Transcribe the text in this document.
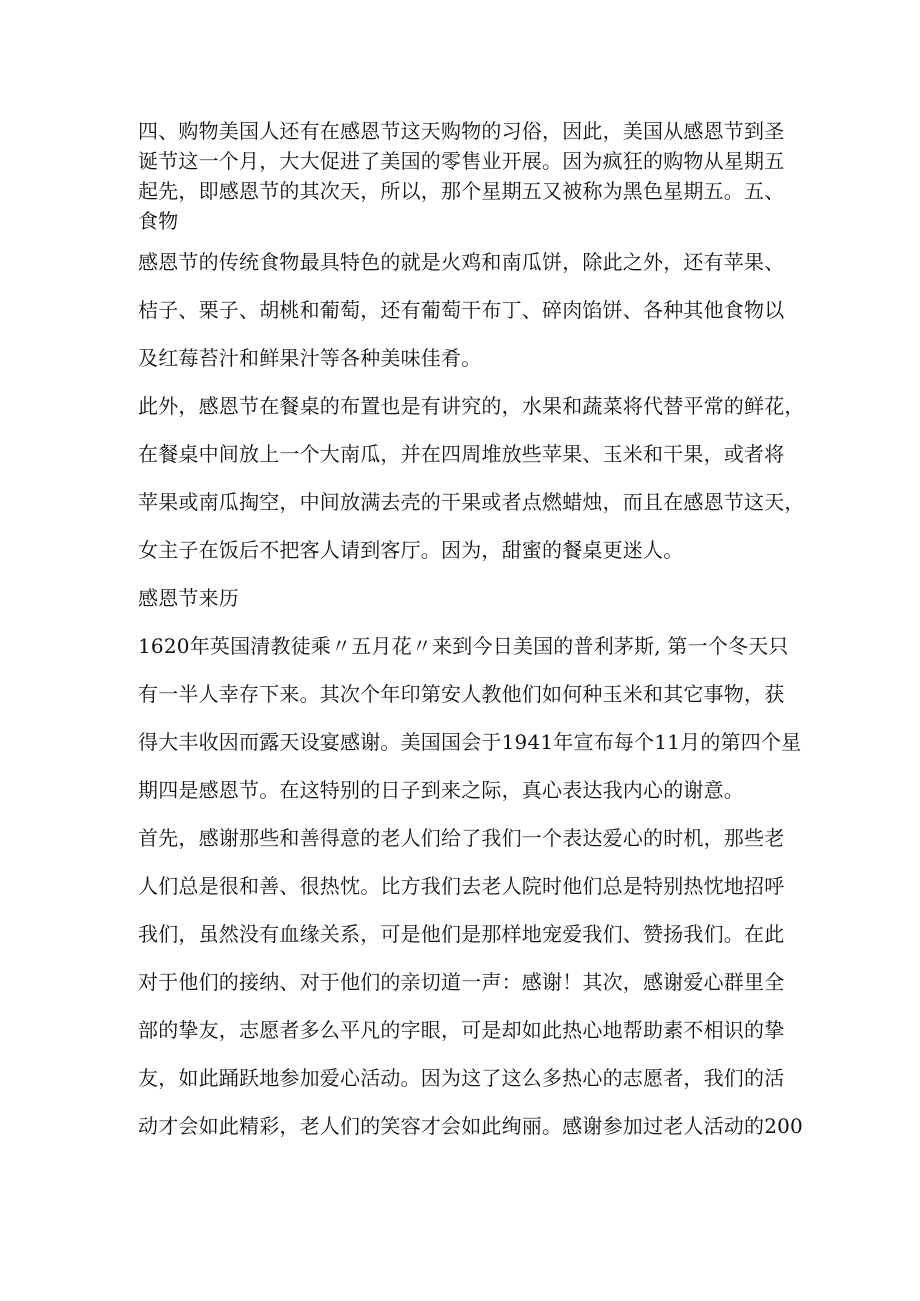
四、购物美国人还有在感恩节这天购物的习俗，因此，美国从感恩节到圣
诞节这一个月，大大促进了美国的零售业开展。因为疯狂的购物从星期五
起先，即感恩节的其次天，所以，那个星期五又被称为黑色星期五。五、
食物
感恩节的传统食物最具特色的就是火鸡和南瓜饼，除此之外，还有苹果、
桔子、栗子、胡桃和葡萄，还有葡萄干布丁、碎肉馅饼、各种其他食物以
及红莓苔汁和鲜果汁等各种美味佳肴。
此外，感恩节在餐桌的布置也是有讲究的，水果和蔬菜将代替平常的鲜花，
在餐桌中间放上一个大南瓜，并在四周堆放些苹果、玉米和干果，或者将
苹果或南瓜掏空，中间放满去壳的干果或者点燃蜡烛，而且在感恩节这天，
女主子在饭后不把客人请到客厅。因为，甜蜜的餐桌更迷人。
感恩节来历
1620年英国清教徒乘〃五月花〃来到今日美国的普利茅斯, 第一个冬天只
有一半人幸存下来。其次个年印第安人教他们如何种玉米和其它事物，获
得大丰收因而露天设宴感谢。美国国会于1941年宣布每个11月的第四个星
期四是感恩节。在这特别的日子到来之际，真心表达我内心的谢意。
首先，感谢那些和善得意的老人们给了我们一个表达爱心的时机，那些老
人们总是很和善、很热忱。比方我们去老人院时他们总是特别热忱地招呼
我们，虽然没有血缘关系，可是他们是那样地宠爱我们、赞扬我们。在此
对于他们的接纳、对于他们的亲切道一声：感谢！其次，感谢爱心群里全
部的挚友，志愿者多么平凡的字眼，可是却如此热心地帮助素不相识的挚
友，如此踊跃地参加爱心活动。因为这了这么多热心的志愿者，我们的活
动才会如此精彩，老人们的笑容才会如此绚丽。感谢参加过老人活动的200
